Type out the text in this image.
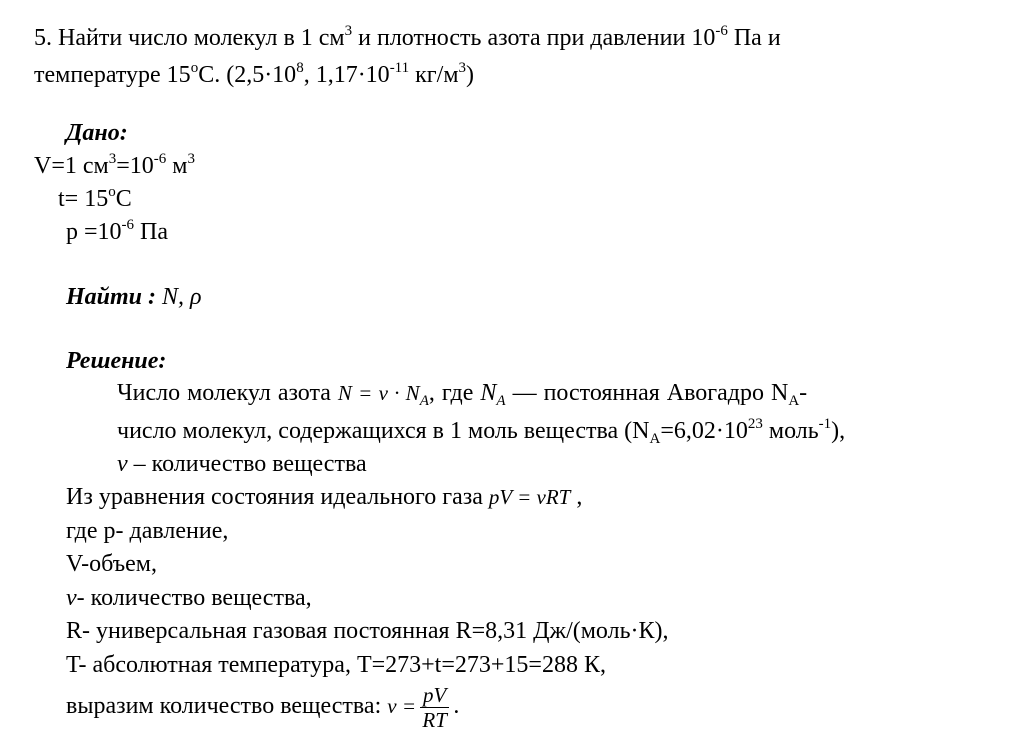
5. Найти число молекул в 1 $см^3$ и плотность азота при давлении $10^{-6}$ Па и
температуре 15$^o$С. ($2,5\cdot 10^8$, $1,17\cdot 10^{-11}$ $кг/м^3$)
Дано:
V=1 $см^3=10^{-6}$ $м^3$
$t= 15^oC$
$p =10^{-6}$ Па
Найти : N, ρ
Решение:
Число молекул азота $N = \nu \cdot N_A$, где $N_A$ — постоянная Авогадро $N_A-$
число молекул, содержащихся в 1 моль вещества ($N_A=6,02\cdot 10^{23}$ моль$^{-1}$),
ν – количество вещества
Из уравнения состояния идеального газа pV = νRT ,
где р- давление,
V-объем,
ν- количество вещества,
R- универсальная газовая постоянная R=8,31 Дж/(моль·К),
T- абсолютная температура, T=273+t=273+15=288 К,
выразим количество вещества: $\nu = \frac{pV}{RT}$ .
